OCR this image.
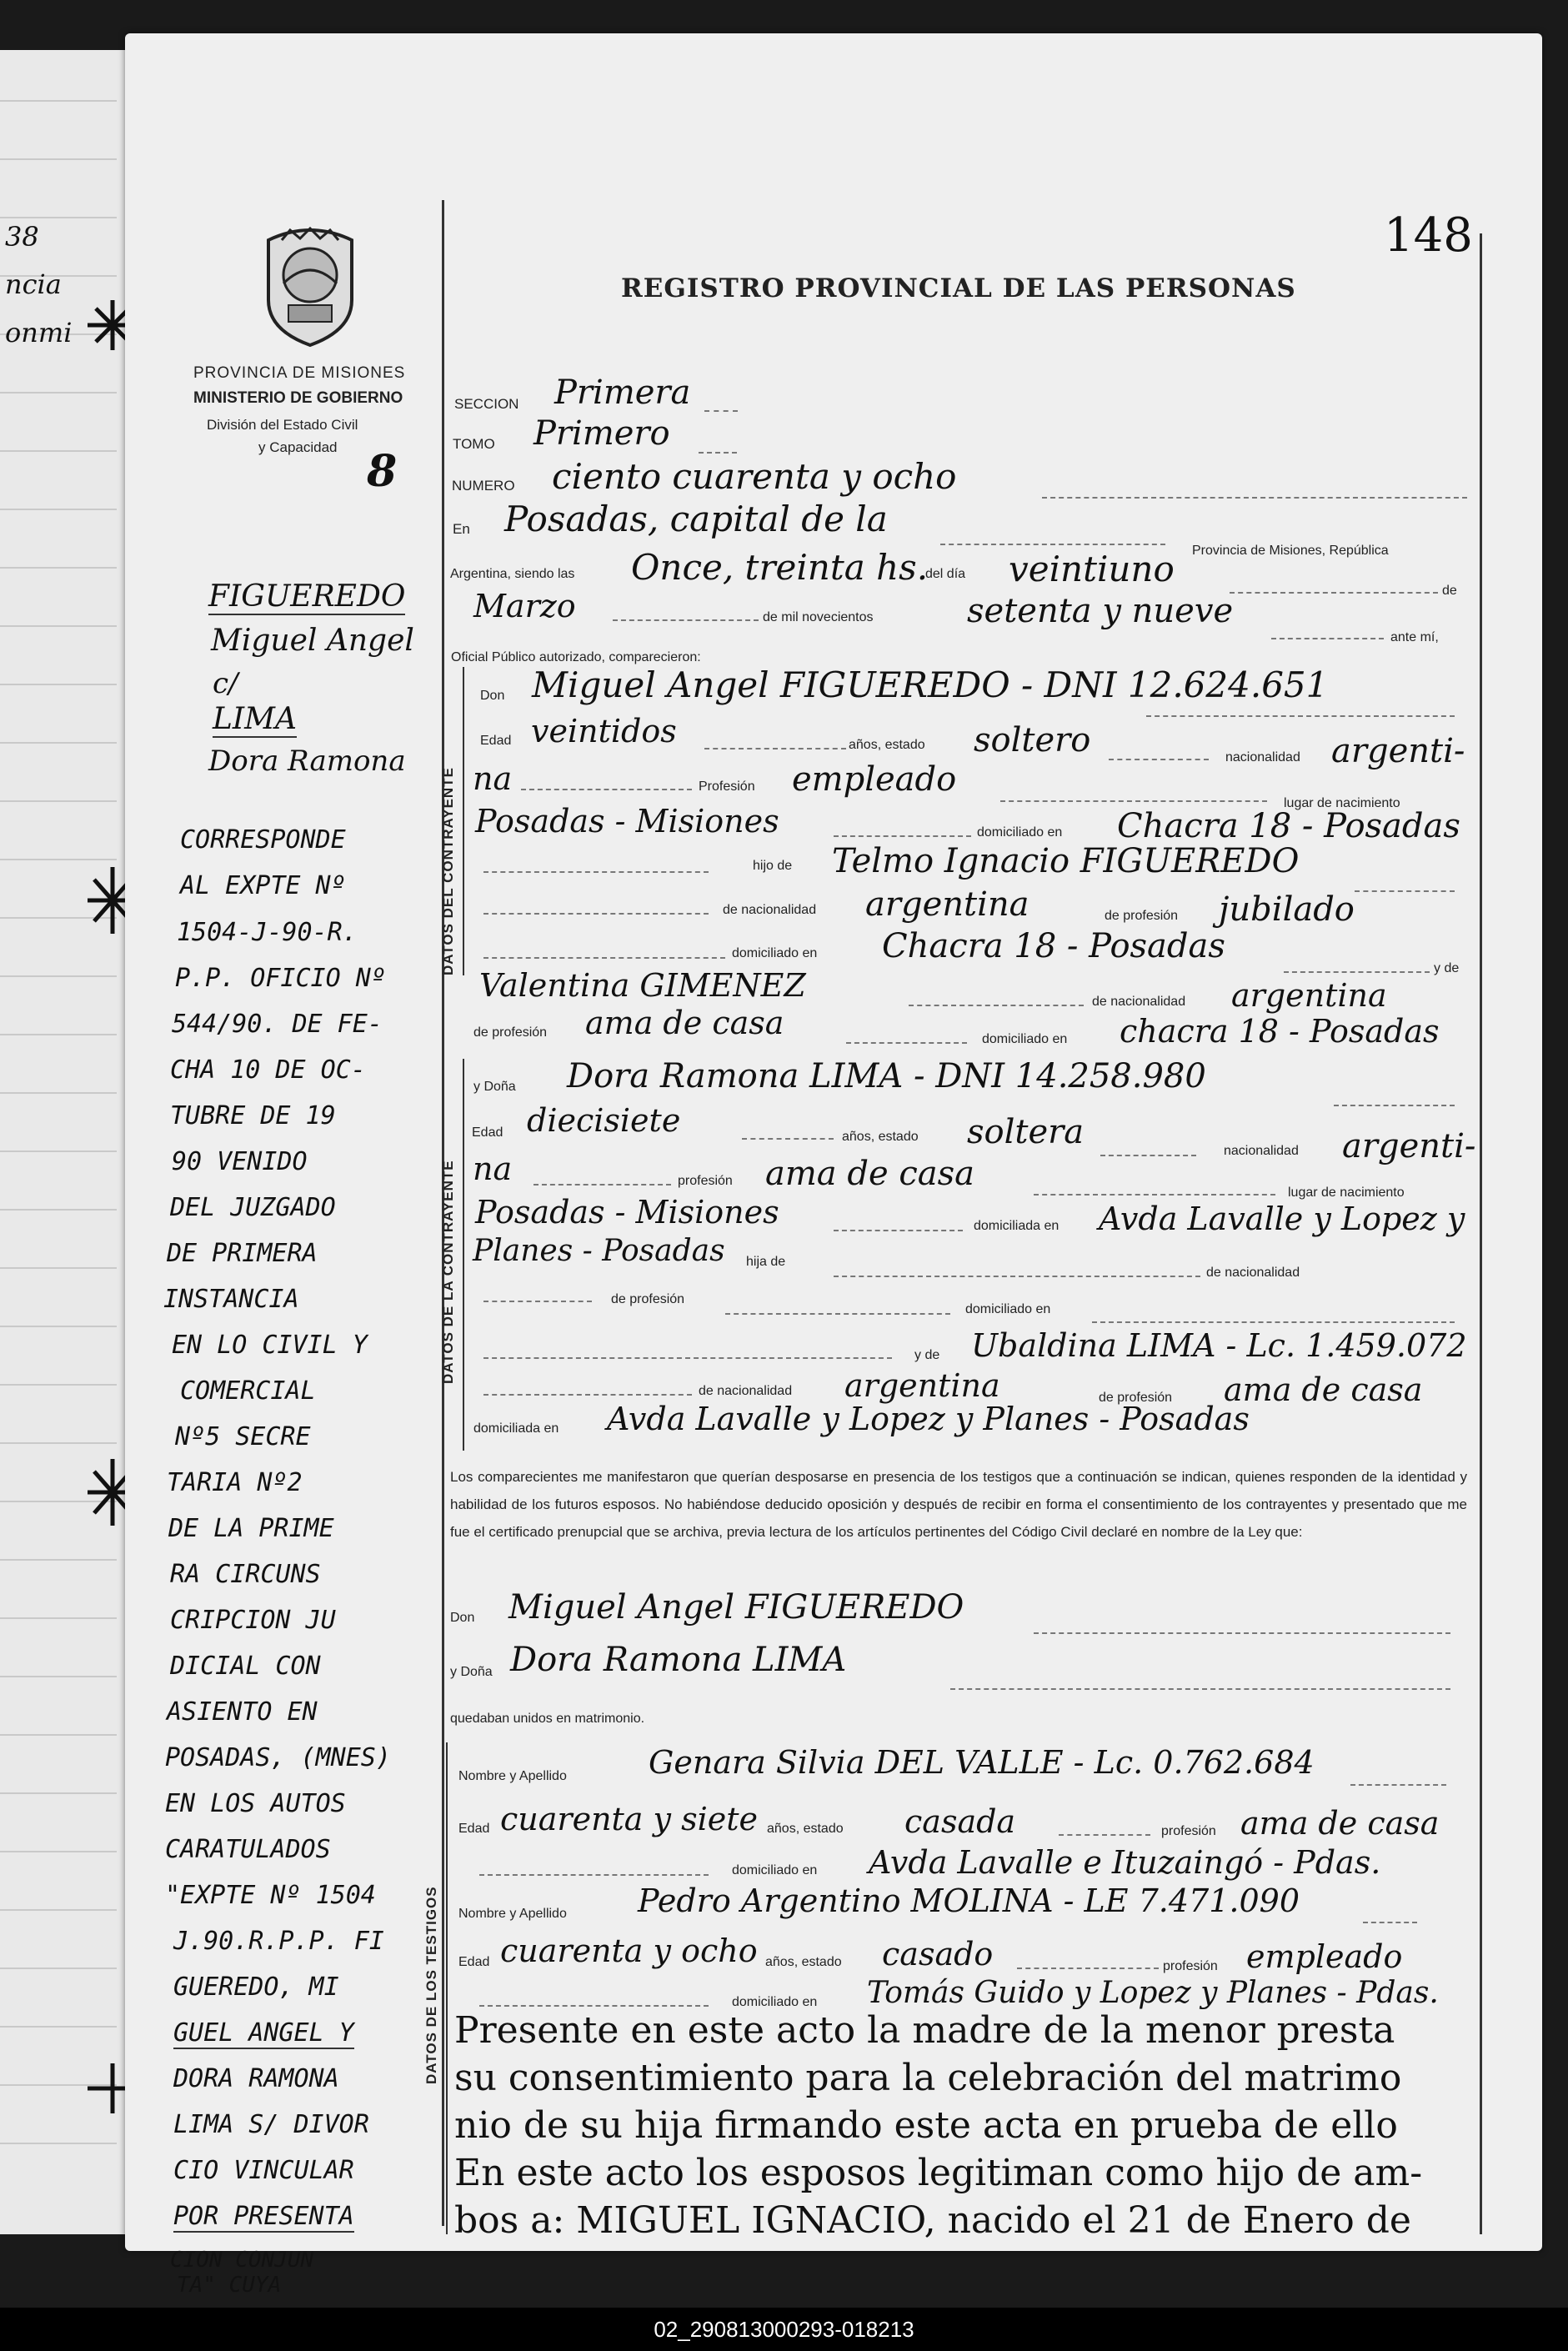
38
ncia
onmi
148
REGISTRO PROVINCIAL DE LAS PERSONAS
PROVINCIA DE MISIONES
MINISTERIO DE GOBIERNO
División del Estado Civil
y Capacidad 8
FIGUEREDO
Miguel Angel
c/
LIMA
Dora Ramona
CORRESPONDE
AL EXPTE Nº
1504-J-90-R.
P.P. OFICIO Nº
544/90. DE FE-
CHA 10 DE OC-
TUBRE DE 19
90 VENIDO
DEL JUZGADO
DE PRIMERA
INSTANCIA
EN LO CIVIL Y
COMERCIAL
Nº5 SECRE
TARIA Nº2
DE LA PRIME
RA CIRCUNS
CRIPCION JU
DICIAL CON
ASIENTO EN
POSADAS, (MNES)
EN LOS AUTOS
CARATULADOS
"EXPTE Nº 1504
J.90.R.P.P. FI
GUEREDO, MI
GUEL ANGEL Y
DORA RAMONA
LIMA S/ DIVOR
CIO VINCULAR
POR PRESENTA
CION CONJUN
TA" CUYA
SECCION Primera
TOMO Primero
NUMERO ciento cuarenta y ocho
En Posadas, capital de la
Provincia de Misiones, República
Argentina, siendo las Once, treinta hs.
del día veintiuno
de
Marzo	de mil novecientos	setenta y nueve
ante mí,
Oficial Público autorizado, comparecieron:
DATOS DEL CONTRAYENTE
Don Miguel Angel FIGUEREDO - DNI 12.624.651
Edad veintidos	años, estado soltero	nacionalidad argenti-
na	Profesión empleado
lugar de nacimiento
Posadas - Misiones	domiciliado en Chacra 18 - Posadas
hijo de Telmo Ignacio FIGUEREDO
de nacionalidad argentina	de profesión jubilado
domiciliado en Chacra 18 - Posadas
y de
Valentina GIMENEZ	de nacionalidad argentina
de profesión ama de casa	domiciliado en chacra 18 - Posadas
DATOS DE LA CONTRAYENTE
y Doña Dora Ramona LIMA - DNI 14.258.980
Edad diecisiete	años, estado soltera	nacionalidad argenti-
na	profesión ama de casa	lugar de nacimiento
Posadas - Misiones	domiciliada en Avda Lavalle y Lopez y
Planes - Posadas hija de
de nacionalidad
de profesión
domiciliado en
y de Ubaldina LIMA - Lc. 1.459.072
de nacionalidad argentina	de profesión ama de casa
domiciliada en Avda Lavalle y Lopez y Planes - Posadas
Los comparecientes me manifestaron que querían desposarse en presencia de los testigos que a continuación se indican, quienes responden de la identidad y habilidad de los futuros esposos. No habiéndose deducido oposición y después de recibir en forma el consentimiento de los contrayentes y presentado que me fue el certificado prenupcial que se archiva, previa lectura de los artículos pertinentes del Código Civil declaré en nombre de la Ley que:
Don Miguel Angel FIGUEREDO
y Doña Dora Ramona LIMA
quedaban unidos en matrimonio.
DATOS DE LOS TESTIGOS
Nombre y Apellido	Genara Silvia DEL VALLE - Lc. 0.762.684
Edad cuarenta y siete años, estado casada	profesión ama de casa
domiciliado en Avda Lavalle e Ituzaingó - Pdas.
Nombre y Apellido Pedro Argentino MOLINA - LE 7.471.090
Edad cuarenta y ocho años, estado casado	profesión empleado
domiciliado en Tomás Guido y Lopez y Planes - Pdas.
Presente en este acto la madre de la menor presta
su consentimiento para la celebración del matrimo
nio de su hija firmando este acta en prueba de ello
En este acto los esposos legitiman como hijo de am-
bos a: MIGUEL IGNACIO, nacido el 21 de Enero de
02_290813000293-018213
